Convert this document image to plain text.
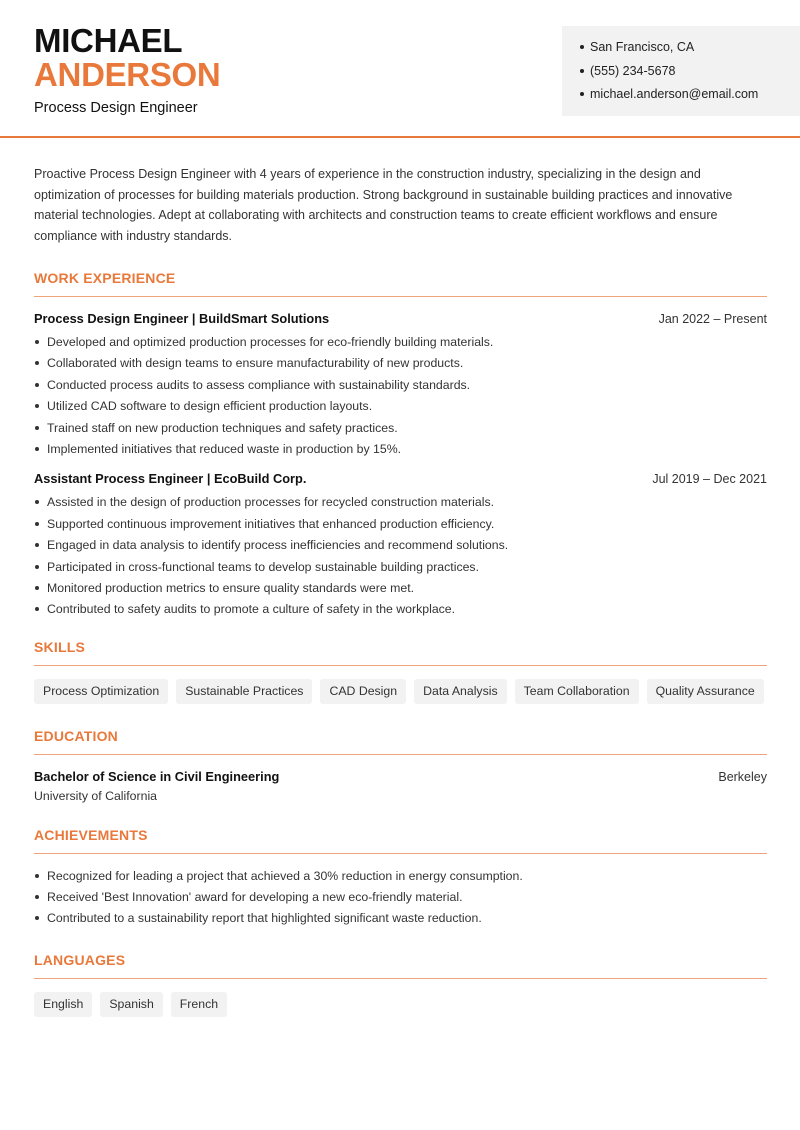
MICHAEL
ANDERSON
Process Design Engineer
San Francisco, CA
(555) 234-5678
michael.anderson@email.com

Proactive Process Design Engineer with 4 years of experience in the construction industry, specializing in the design and optimization of processes for building materials production. Strong background in sustainable building practices and innovative material technologies. Adept at collaborating with architects and construction teams to create efficient workflows and ensure compliance with industry standards.

WORK EXPERIENCE
Process Design Engineer | BuildSmart Solutions	Jan 2022 – Present
Developed and optimized production processes for eco-friendly building materials.
Collaborated with design teams to ensure manufacturability of new products.
Conducted process audits to assess compliance with sustainability standards.
Utilized CAD software to design efficient production layouts.
Trained staff on new production techniques and safety practices.
Implemented initiatives that reduced waste in production by 15%.
Assistant Process Engineer | EcoBuild Corp.	Jul 2019 – Dec 2021
Assisted in the design of production processes for recycled construction materials.
Supported continuous improvement initiatives that enhanced production efficiency.
Engaged in data analysis to identify process inefficiencies and recommend solutions.
Participated in cross-functional teams to develop sustainable building practices.
Monitored production metrics to ensure quality standards were met.
Contributed to safety audits to promote a culture of safety in the workplace.
SKILLS
Process Optimization	Sustainable Practices	CAD Design	Data Analysis	Team Collaboration	Quality Assurance
EDUCATION
Bachelor of Science in Civil Engineering	Berkeley
University of California
ACHIEVEMENTS
Recognized for leading a project that achieved a 30% reduction in energy consumption.
Received 'Best Innovation' award for developing a new eco-friendly material.
Contributed to a sustainability report that highlighted significant waste reduction.
LANGUAGES
English	Spanish	French
